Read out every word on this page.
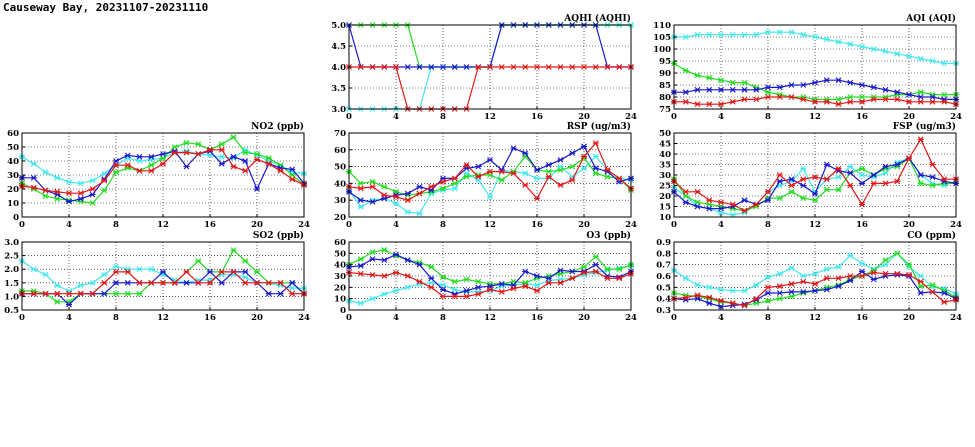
Causeway Bay, 20231107-20231110
AQHI (AQHI)
0	4	8	12	16	20	24
3.0
3.5
4.0
4.5
5.0
AQI (AQI)
0	4	8	12	16	20	24
75
80
85
90
95
100
105
110
NO2 (ppb)
0	4	8	12	16	20	24
0
10
20
30
40
50
60
RSP (ug/m3)
0	4	8	12	16	20	24
20
30
40
50
60
70
FSP (ug/m3)
0	4	8	12	16	20	24
10
15
20
25
30
35
40
45
50
SO2 (ppb)
0	4	8	12	16	20	24
0.5
1.0
1.5
2.0
2.5
3.0
O3 (ppb)
0	4	8	12	16	20	24
0
10
20
30
40
50
60
CO (ppm)
0	4	8	12	16	20	24
0.3
0.4
0.5
0.6
0.7
0.8
0.9
